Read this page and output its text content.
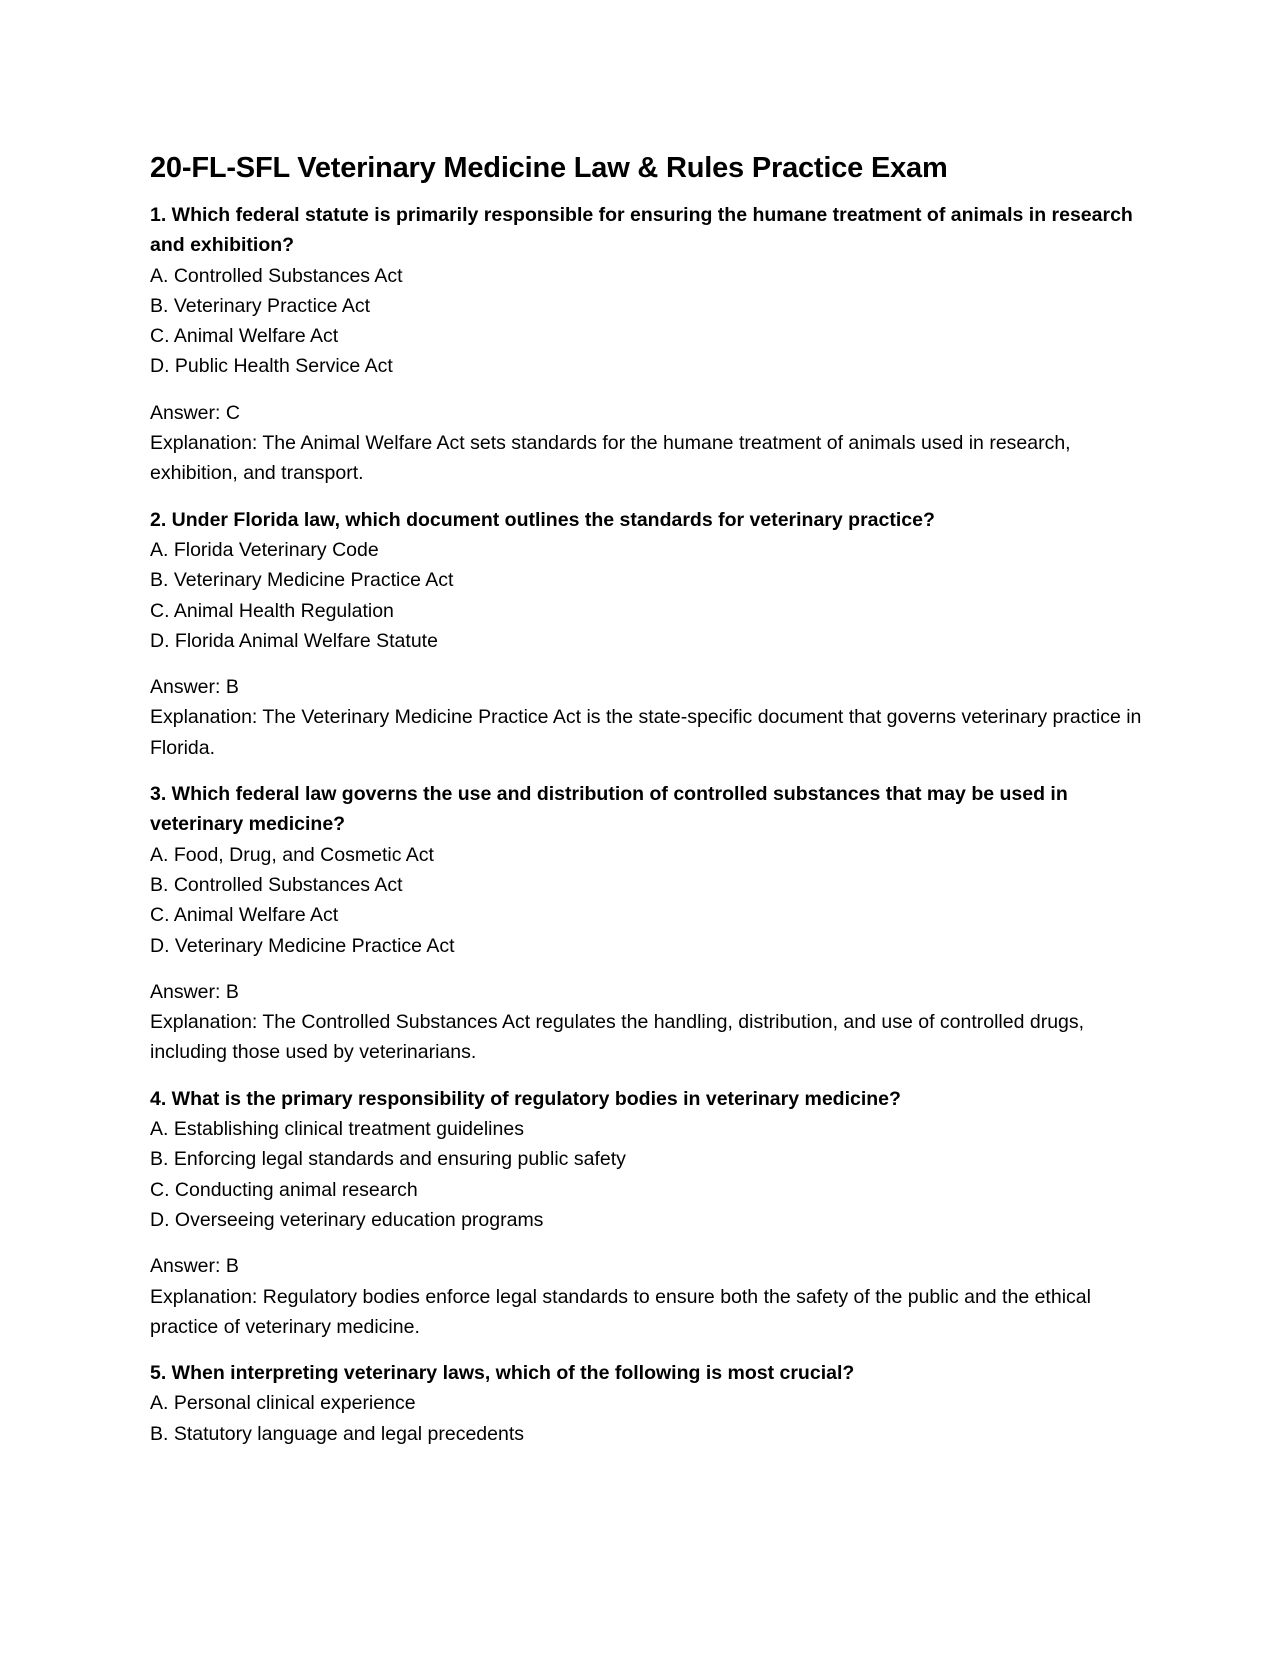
20-FL-SFL Veterinary Medicine Law & Rules Practice Exam

1. Which federal statute is primarily responsible for ensuring the humane treatment of animals in research and exhibition?

A. Controlled Substances Act
B. Veterinary Practice Act
C. Animal Welfare Act
D. Public Health Service Act

Answer: C

Explanation: The Animal Welfare Act sets standards for the humane treatment of animals used in research, exhibition, and transport.

2. Under Florida law, which document outlines the standards for veterinary practice?

A. Florida Veterinary Code
B. Veterinary Medicine Practice Act
C. Animal Health Regulation
D. Florida Animal Welfare Statute

Answer: B

Explanation: The Veterinary Medicine Practice Act is the state-specific document that governs veterinary practice in Florida.

3. Which federal law governs the use and distribution of controlled substances that may be used in veterinary medicine?

A. Food, Drug, and Cosmetic Act
B. Controlled Substances Act
C. Animal Welfare Act
D. Veterinary Medicine Practice Act

Answer: B

Explanation: The Controlled Substances Act regulates the handling, distribution, and use of controlled drugs, including those used by veterinarians.

4. What is the primary responsibility of regulatory bodies in veterinary medicine?

A. Establishing clinical treatment guidelines
B. Enforcing legal standards and ensuring public safety
C. Conducting animal research
D. Overseeing veterinary education programs

Answer: B

Explanation: Regulatory bodies enforce legal standards to ensure both the safety of the public and the ethical practice of veterinary medicine.

5. When interpreting veterinary laws, which of the following is most crucial?

A. Personal clinical experience
B. Statutory language and legal precedents
